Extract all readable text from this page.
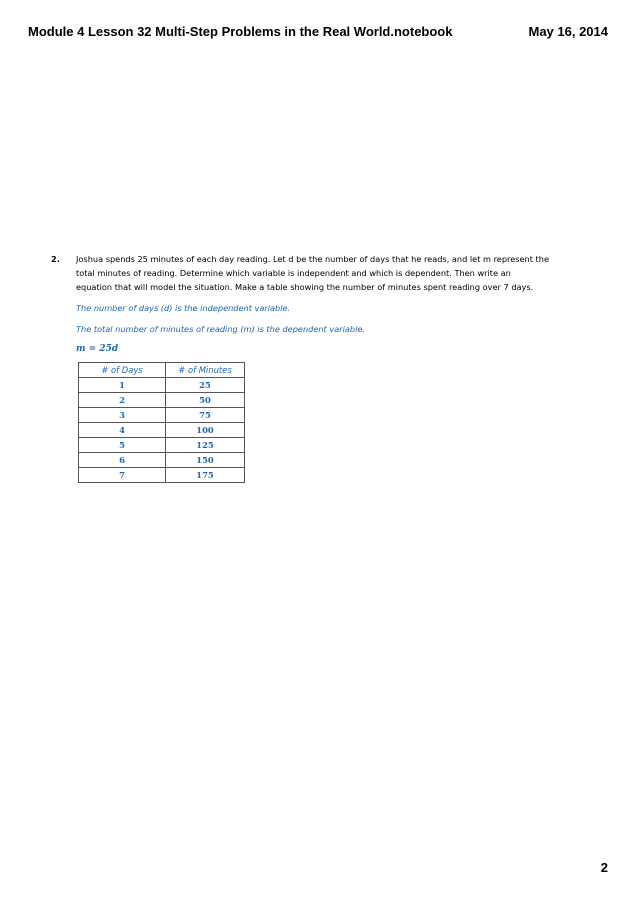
Module 4 Lesson 32 Multi-Step Problems in the Real World.notebook	May 16, 2014
2. Joshua spends 25 minutes of each day reading. Let d be the number of days that he reads, and let m represent the

total minutes of reading. Determine which variable is independent and which is dependent. Then write an

equation that will model the situation. Make a table showing the number of minutes spent reading over 7 days.

The number of days (d) is the independent variable.

The total number of minutes of reading (m) is the dependent variable.

m = 25d

# of Days	# of Minutes
1	25
2	50
3	75
4	100
5	125
6	150
7	175
2
